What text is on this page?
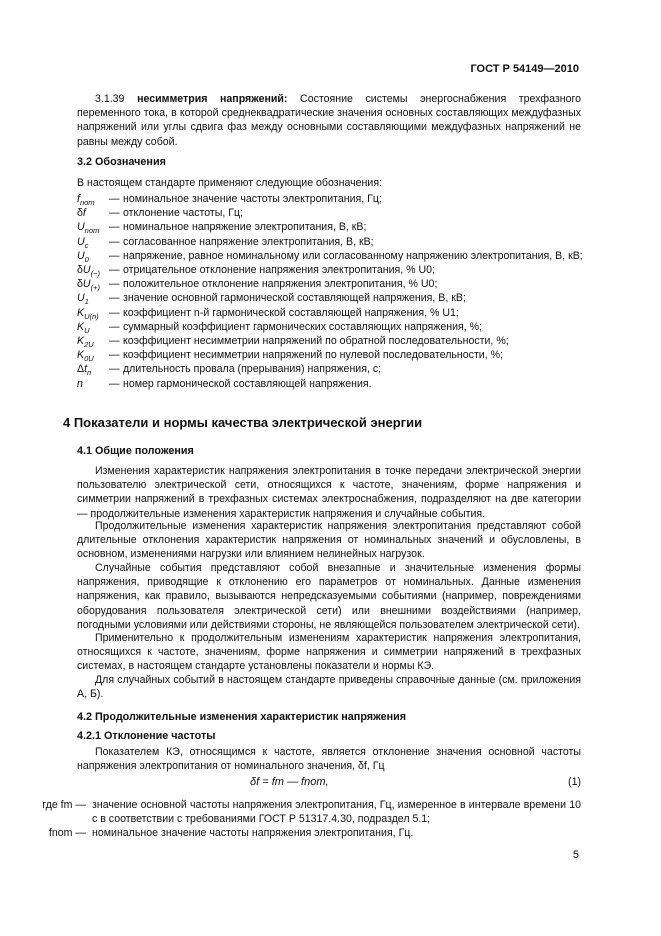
ГОСТ Р 54149—2010
3.1.39 несимметрия напряжений: Состояние системы энергоснабжения трехфазного переменного тока, в которой среднеквадратические значения основных составляющих междуфазных напряжений или углы сдвига фаз между основными составляющими междуфазных напряжений не равны между собой.
3.2 Обозначения
В настоящем стандарте применяют следующие обозначения:
$f_{nom}$	— номинальное значение частоты электропитания, Гц;
δf	— отклонение частоты, Гц;
$U_{nom}$ — номинальное напряжение электропитания, В, кВ;
$U_c$	— согласованное напряжение электропитания, В, кВ;
$U_0$	— напряжение, равное номинальному или согласованному напряжению электропитания, В, кВ;
$\delta U_{(-)}$ — отрицательное отклонение напряжения электропитания, % U0;
$\delta U_{(+)}$ — положительное отклонение напряжения электропитания, % U0;
$U_1$	— значение основной гармонической составляющей напряжения, В, кВ;
$K_{U(n)}$ — коэффициент n-й гармонической составляющей напряжения, % U1;
$K_U$	— суммарный коэффициент гармонических составляющих напряжения, %;
$K_{2U}$	— коэффициент несимметрии напряжений по обратной последовательности, %;
$K_{0U}$	— коэффициент несимметрии напряжений по нулевой последовательности, %;
$\Delta t_п$	— длительность провала (прерывания) напряжения, с;
n	— номер гармонической составляющей напряжения.
4 Показатели и нормы качества электрической энергии
4.1 Общие положения
Изменения характеристик напряжения электропитания в точке передачи электрической энергии пользователю электрической сети, относящихся к частоте, значениям, форме напряжения и симметрии напряжений в трехфазных системах электроснабжения, подразделяют на две категории — продолжительные изменения характеристик напряжения и случайные события.
Продолжительные изменения характеристик напряжения электропитания представляют собой длительные отклонения характеристик напряжения от номинальных значений и обусловлены, в основном, изменениями нагрузки или влиянием нелинейных нагрузок.
Случайные события представляют собой внезапные и значительные изменения формы напряжения, приводящие к отклонению его параметров от номинальных. Данные изменения напряжения, как правило, вызываются непредсказуемыми событиями (например, повреждениями оборудования пользователя электрической сети) или внешними воздействиями (например, погодными условиями или действиями стороны, не являющейся пользователем электрической сети).
Применительно к продолжительным изменениям характеристик напряжения электропитания, относящихся к частоте, значениям, форме напряжения и симметрии напряжений в трехфазных системах, в настоящем стандарте установлены показатели и нормы КЭ.
Для случайных событий в настоящем стандарте приведены справочные данные (см. приложения А, Б).
4.2 Продолжительные изменения характеристик напряжения
4.2.1 Отклонение частоты
Показателем КЭ, относящимся к частоте, является отклонение значения основной частоты напряжения электропитания от номинального значения, δf, Гц
δf = fm — fnom,	(1)
где fm — значение основной частоты напряжения электропитания, Гц, измеренное в интервале времени 10 с в соответствии с требованиями ГОСТ Р 51317.4.30, подраздел 5.1;
fnom — номинальное значение частоты напряжения электропитания, Гц.
5
